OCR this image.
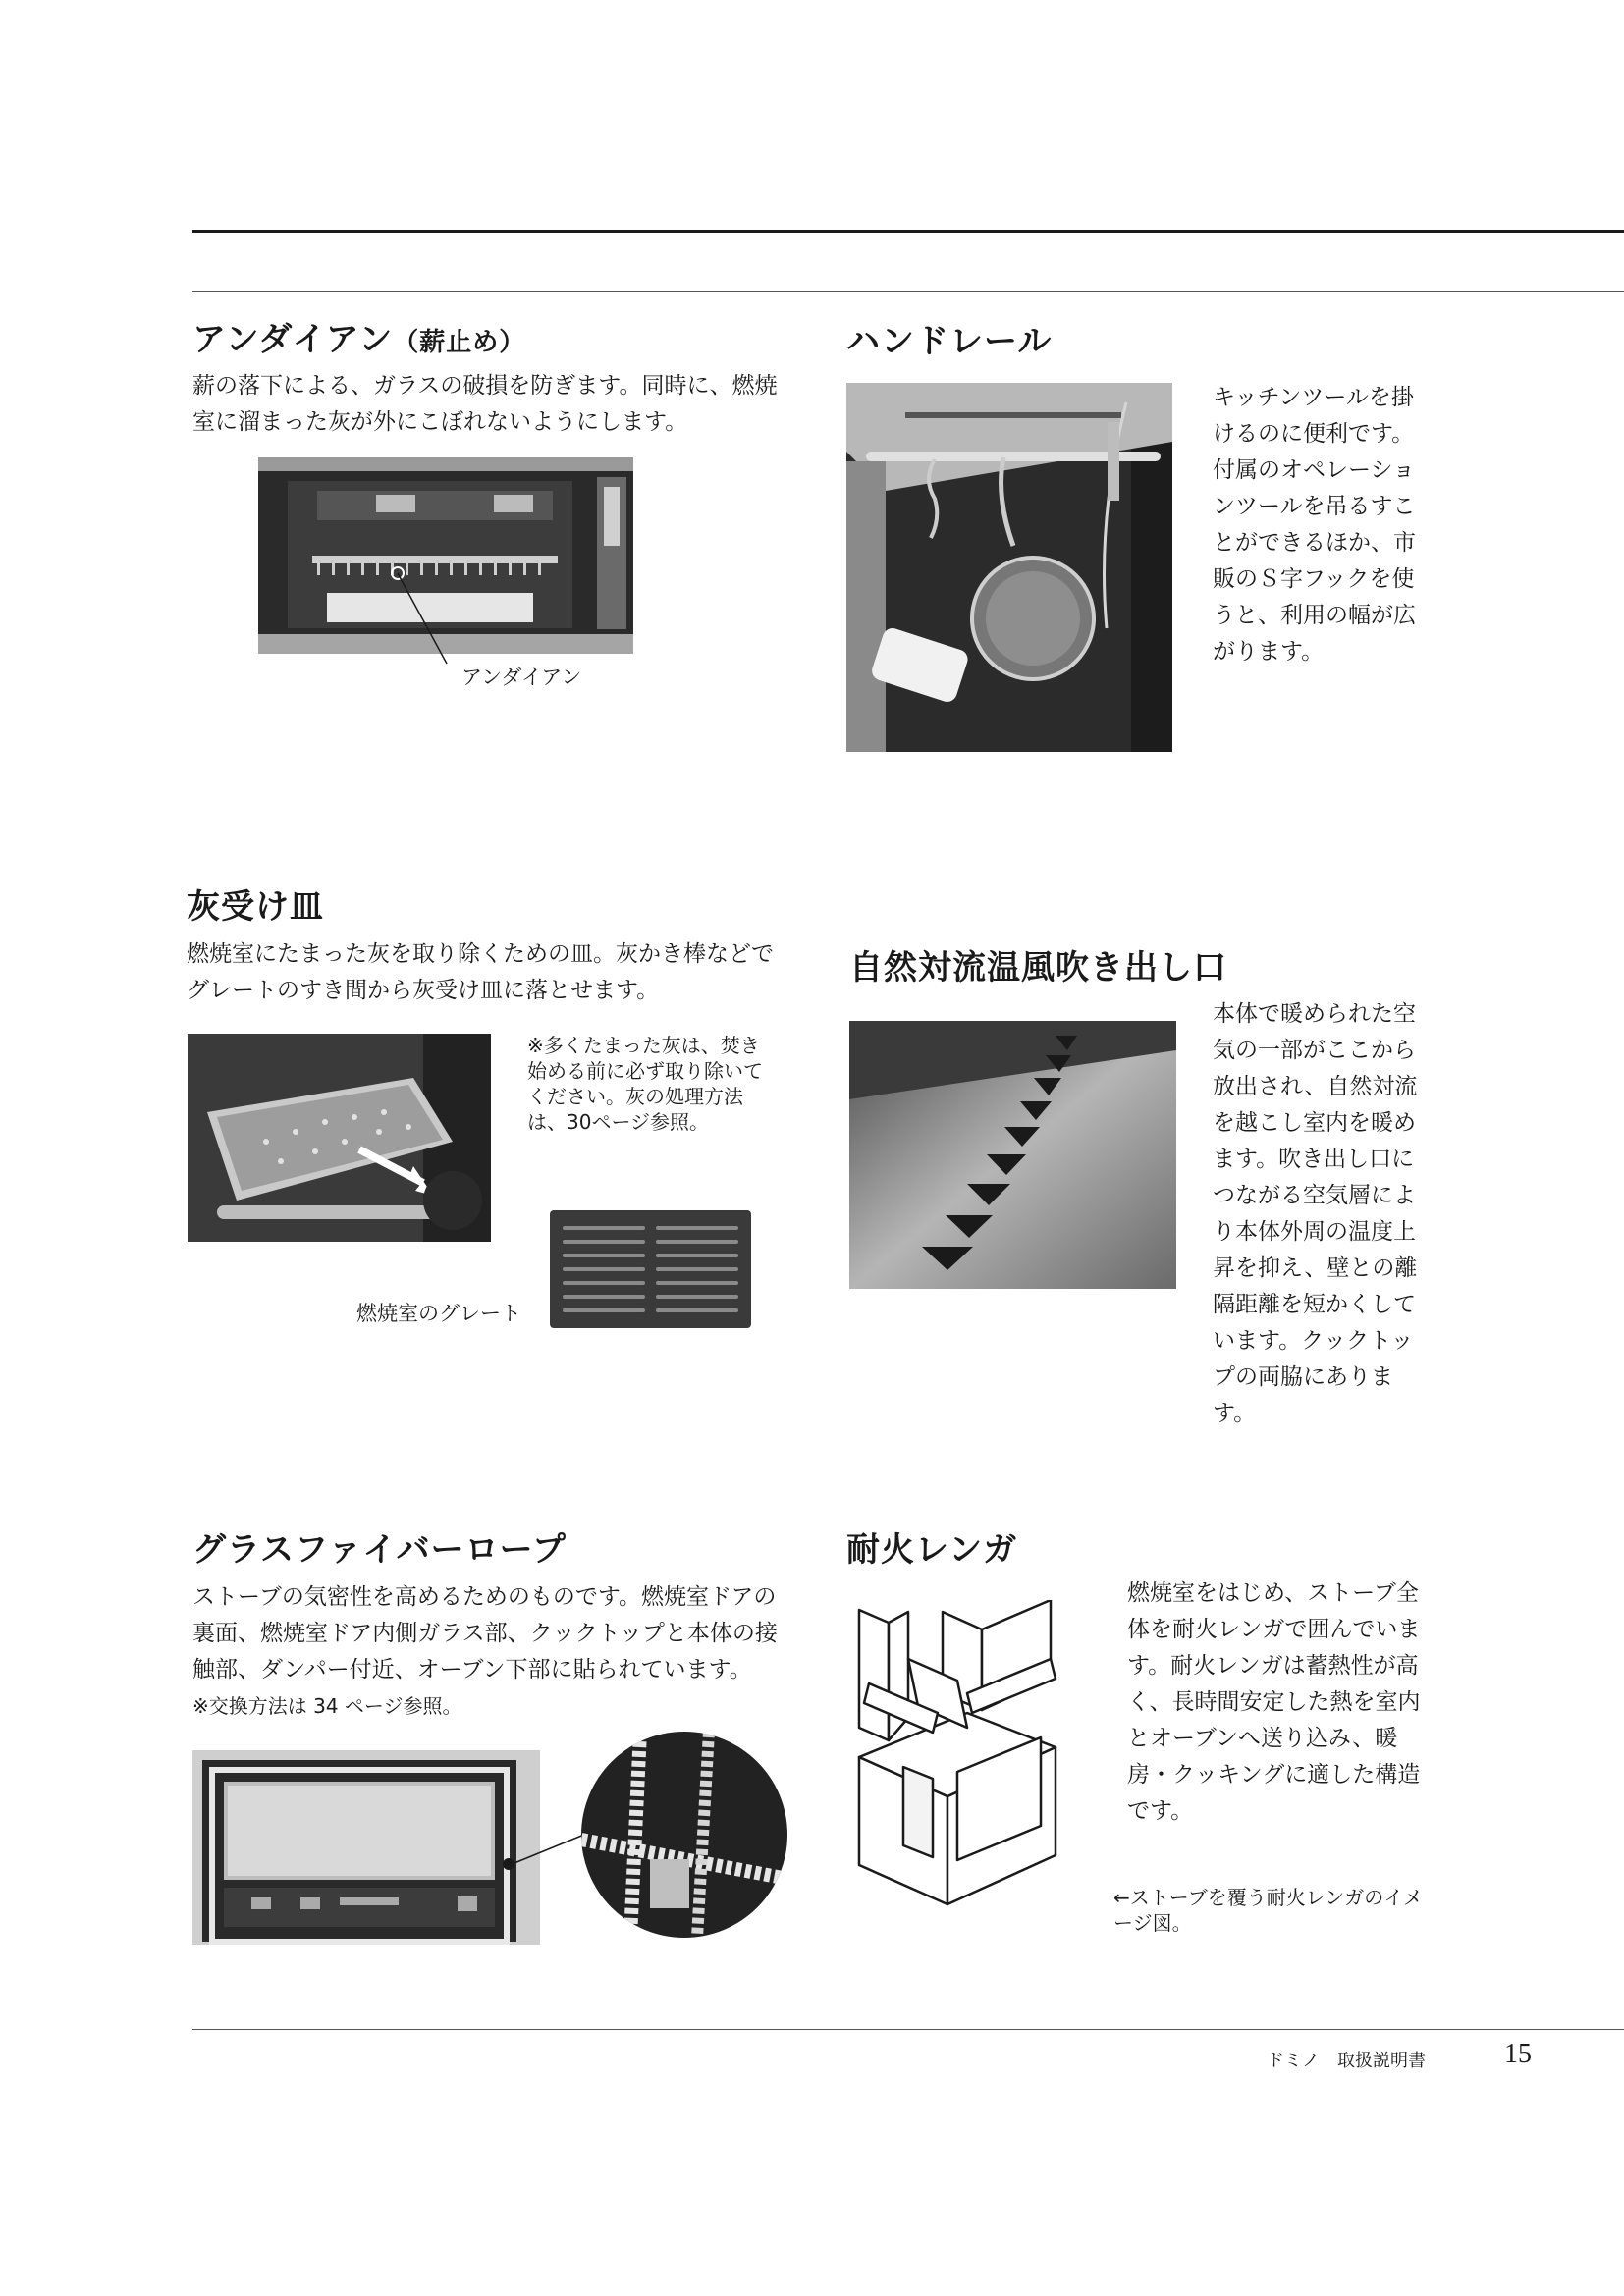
アンダイアン（薪止め）

薪の落下による、ガラスの破損を防ぎます。同時に、燃焼室に溜まった灰が外にこぼれないようにします。

アンダイアン

ハンドレール

キッチンツールを掛けるのに便利です。付属のオペレーションツールを吊るすことができるほか、市販のＳ字フックを使うと、利用の幅が広がります。

灰受け皿

燃焼室にたまった灰を取り除くための皿。灰かき棒などでグレートのすき間から灰受け皿に落とせます。

※多くたまった灰は、焚き始める前に必ず取り除いてください。灰の処理方法は、30ページ参照。

燃焼室のグレート

自然対流温風吹き出し口

本体で暖められた空気の一部がここから放出され、自然対流を越こし室内を暖めます。吹き出し口につながる空気層により本体外周の温度上昇を抑え、壁との離隔距離を短かくしています。クックトップの両脇にあります。

グラスファイバーロープ

ストーブの気密性を高めるためのものです。燃焼室ドアの裏面、燃焼室ドア内側ガラス部、クックトップと本体の接触部、ダンパー付近、オーブン下部に貼られています。

※交換方法は 34 ページ参照。

耐火レンガ

燃焼室をはじめ、ストーブ全体を耐火レンガで囲んでいます。耐火レンガは蓄熱性が高く、長時間安定した熱を室内とオーブンへ送り込み、暖房・クッキングに適した構造です。

←ストーブを覆う耐火レンガのイメージ図。

ドミノ　取扱説明書	15
